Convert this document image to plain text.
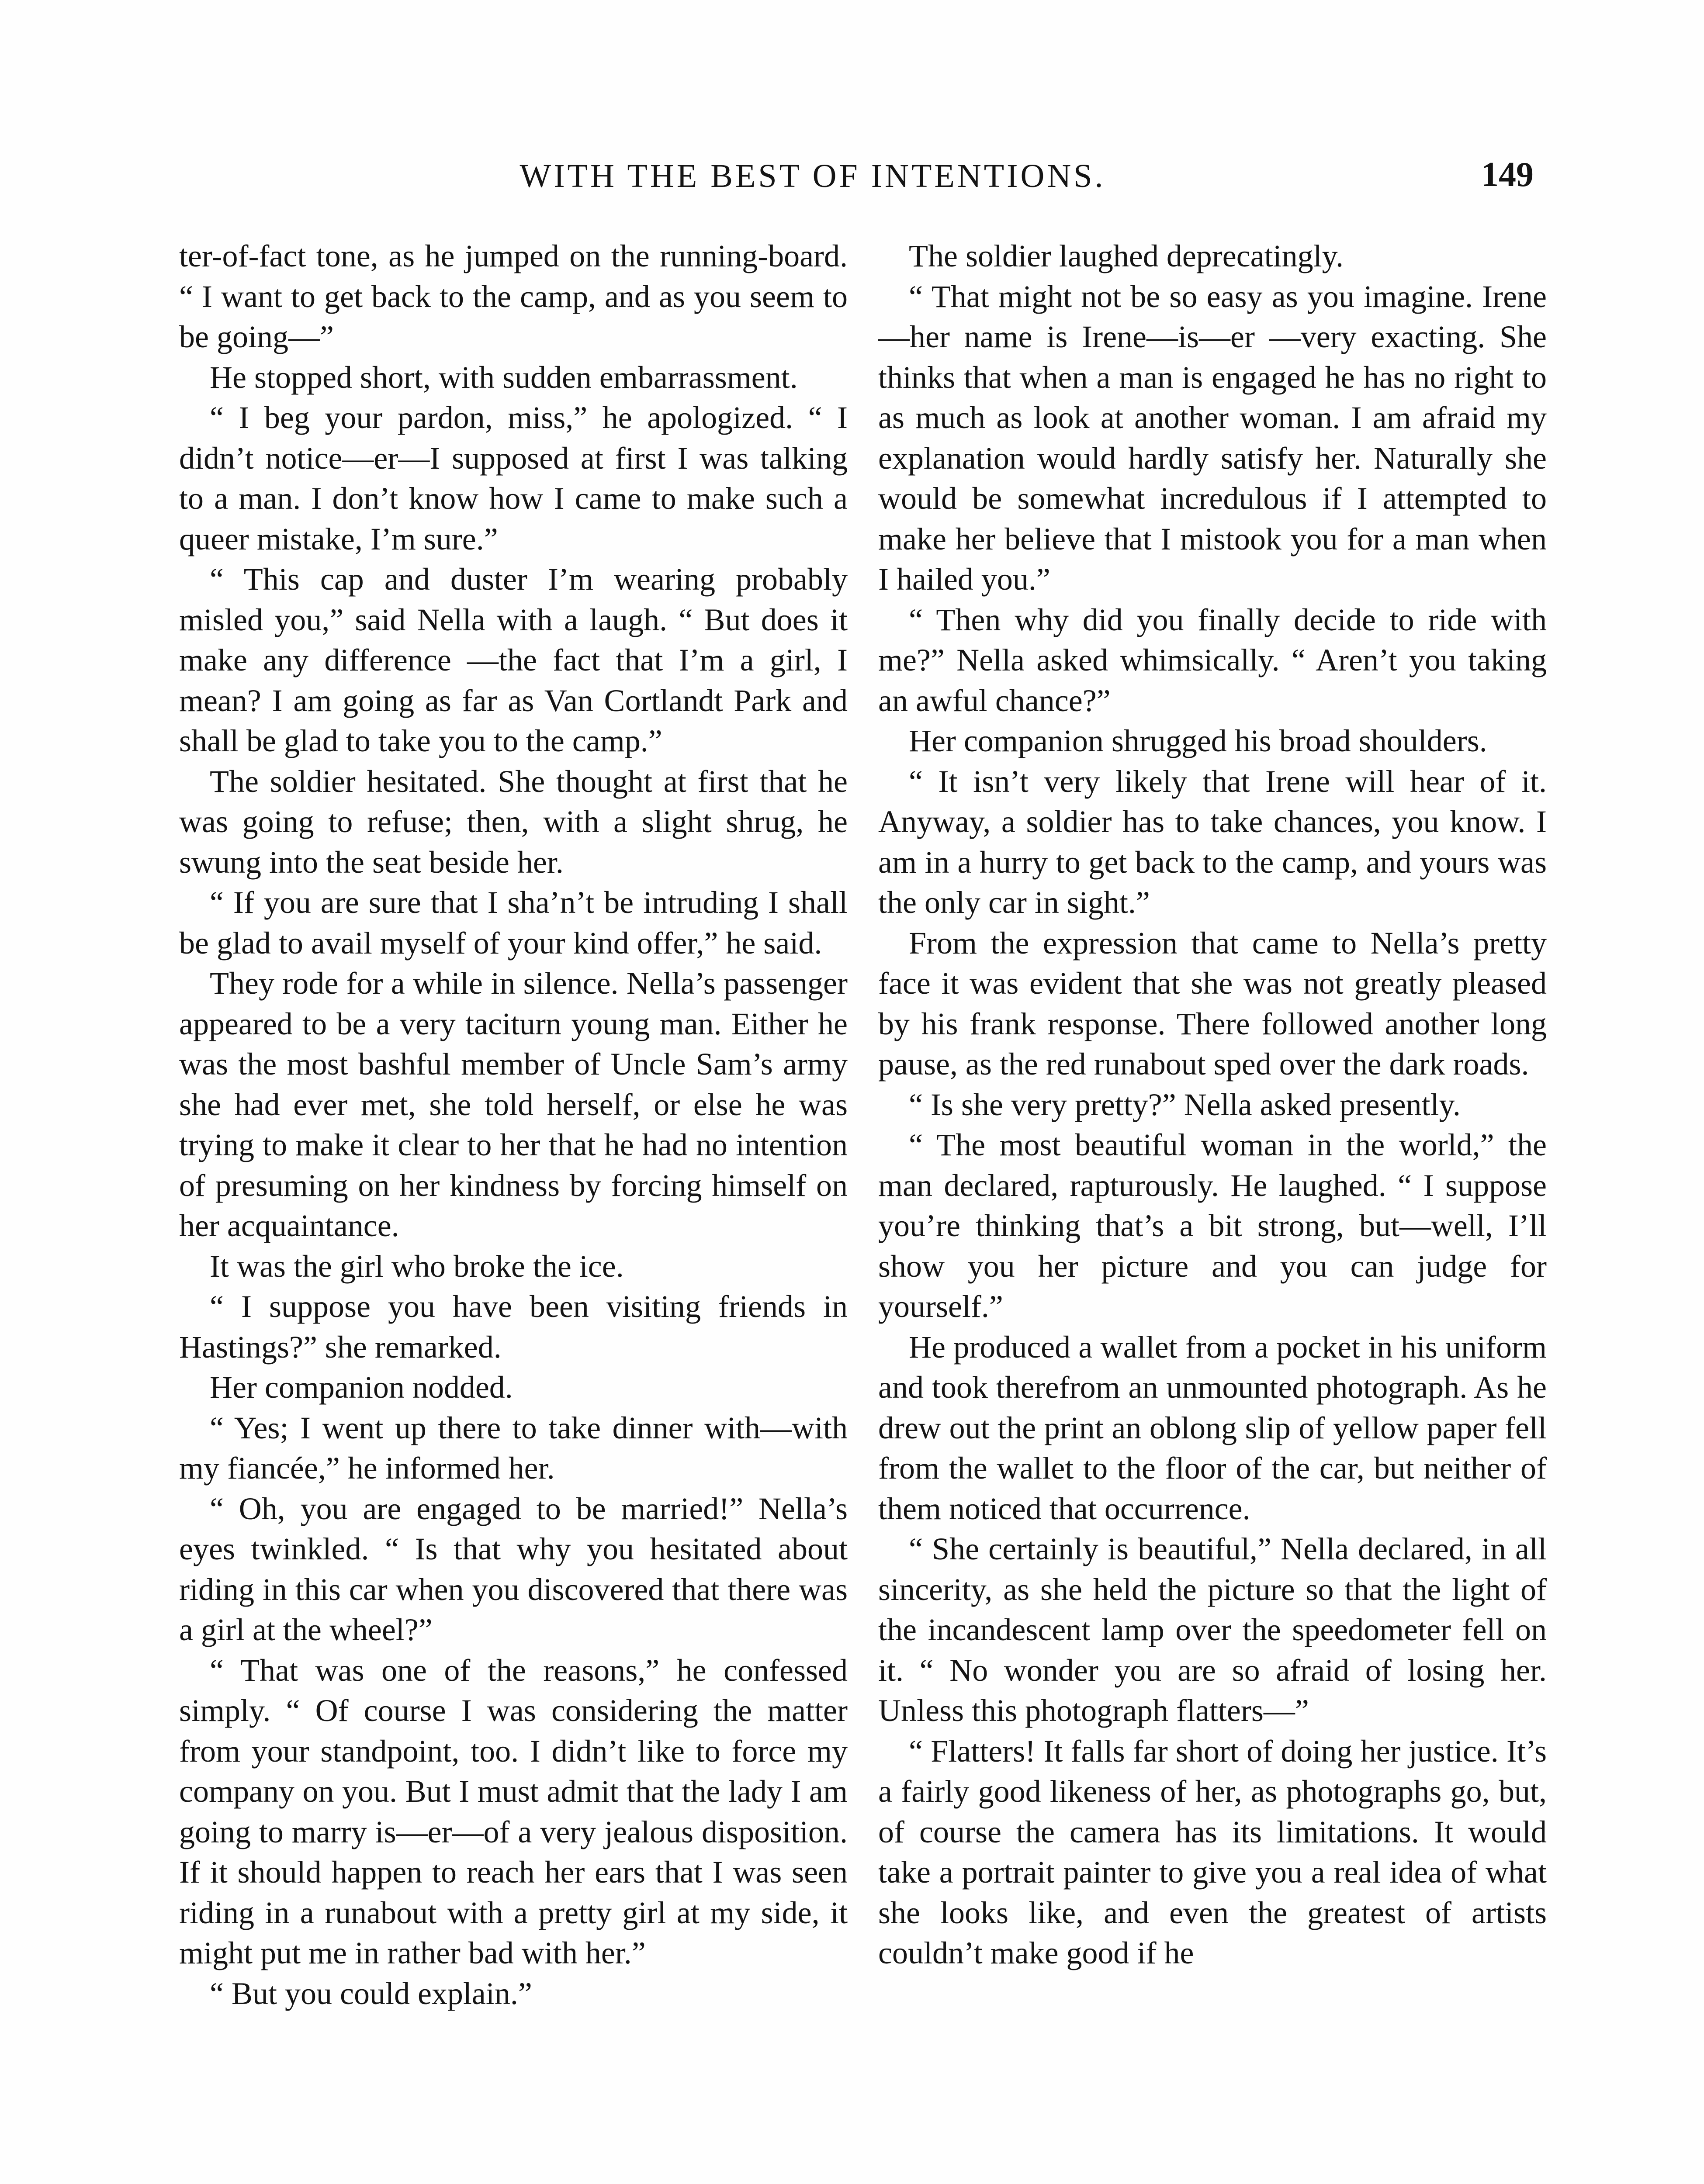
WITH THE BEST OF INTENTIONS.	149

ter-of-fact tone, as he jumped on the running-board. “ I want to get back to the camp, and as you seem to be going—”

He stopped short, with sudden embarrassment.

“ I beg your pardon, miss,” he apologized. “ I didn’t notice—er—I supposed at first I was talking to a man. I don’t know how I came to make such a queer mistake, I’m sure.”

“ This cap and duster I’m wearing probably misled you,” said Nella with a laugh. “ But does it make any difference —the fact that I’m a girl, I mean? I am going as far as Van Cortlandt Park and shall be glad to take you to the camp.”

The soldier hesitated. She thought at first that he was going to refuse; then, with a slight shrug, he swung into the seat beside her.

“ If you are sure that I sha’n’t be intruding I shall be glad to avail myself of your kind offer,” he said.

They rode for a while in silence. Nella’s passenger appeared to be a very taciturn young man. Either he was the most bashful member of Uncle Sam’s army she had ever met, she told herself, or else he was trying to make it clear to her that he had no intention of presuming on her kindness by forcing himself on her acquaintance.

It was the girl who broke the ice.

“ I suppose you have been visiting friends in Hastings?” she remarked.

Her companion nodded.

“ Yes; I went up there to take dinner with—with my fiancée,” he informed her.

“ Oh, you are engaged to be married!” Nella’s eyes twinkled. “ Is that why you hesitated about riding in this car when you discovered that there was a girl at the wheel?”

“ That was one of the reasons,” he confessed simply. “ Of course I was considering the matter from your standpoint, too. I didn’t like to force my company on you. But I must admit that the lady I am going to marry is—er—of a very jealous disposition. If it should happen to reach her ears that I was seen riding in a runabout with a pretty girl at my side, it might put me in rather bad with her.”

“ But you could explain.”

The soldier laughed deprecatingly.

“ That might not be so easy as you imagine. Irene—her name is Irene—is—er —very exacting. She thinks that when a man is engaged he has no right to as much as look at another woman. I am afraid my explanation would hardly satisfy her. Naturally she would be somewhat incredulous if I attempted to make her believe that I mistook you for a man when I hailed you.”

“ Then why did you finally decide to ride with me?” Nella asked whimsically. “ Aren’t you taking an awful chance?”

Her companion shrugged his broad shoulders.

“ It isn’t very likely that Irene will hear of it. Anyway, a soldier has to take chances, you know. I am in a hurry to get back to the camp, and yours was the only car in sight.”

From the expression that came to Nella’s pretty face it was evident that she was not greatly pleased by his frank response. There followed another long pause, as the red runabout sped over the dark roads.

“ Is she very pretty?” Nella asked presently.

“ The most beautiful woman in the world,” the man declared, rapturously. He laughed. “ I suppose you’re thinking that’s a bit strong, but—well, I’ll show you her picture and you can judge for yourself.”

He produced a wallet from a pocket in his uniform and took therefrom an unmounted photograph. As he drew out the print an oblong slip of yellow paper fell from the wallet to the floor of the car, but neither of them noticed that occurrence.

“ She certainly is beautiful,” Nella declared, in all sincerity, as she held the picture so that the light of the incandescent lamp over the speedometer fell on it. “ No wonder you are so afraid of losing her. Unless this photograph flatters—”

“ Flatters! It falls far short of doing her justice. It’s a fairly good likeness of her, as photographs go, but, of course the camera has its limitations. It would take a portrait painter to give you a real idea of what she looks like, and even the greatest of artists couldn’t make good if he
